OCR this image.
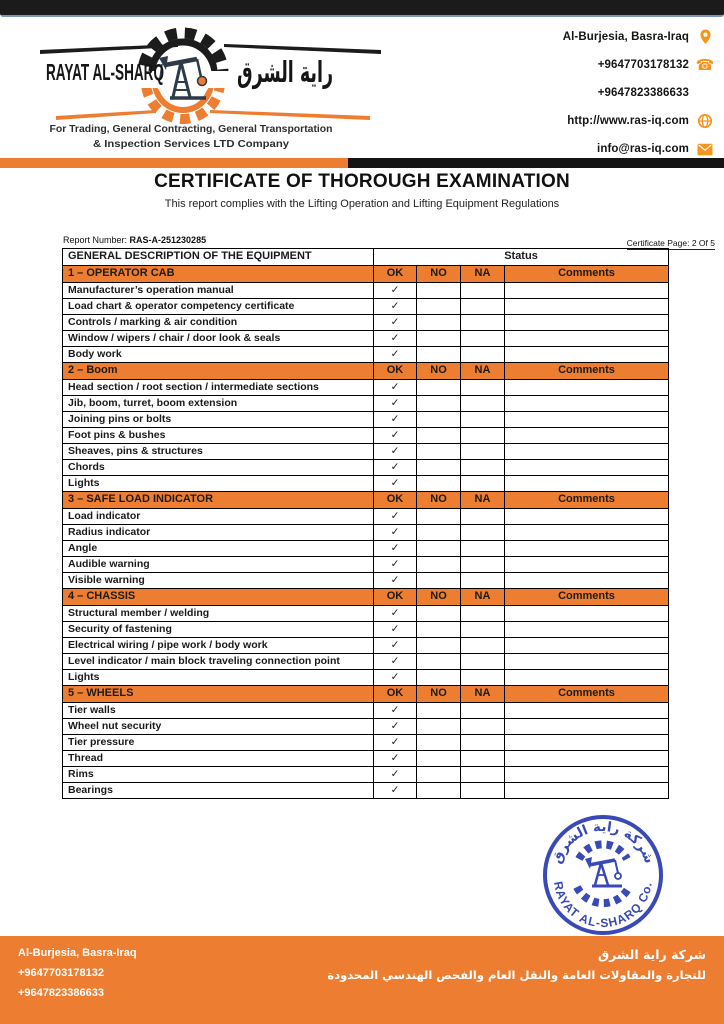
RAYAT AL-SHARQ	راية الشرق
For Trading, General Contracting, General Transportation
& Inspection Services LTD Company
Al-Burjesia, Basra-Iraq
+9647703178132 ☎
+9647823386633
http://www.ras-iq.com
info@ras-iq.com
CERTIFICATE OF THOROUGH EXAMINATION
This report complies with the Lifting Operation and Lifting Equipment Regulations
Report Number: RAS-A-251230285	Certificate Page: 2 Of 5
GENERAL DESCRIPTION OF THE EQUIPMENT	Status			
1 – OPERATOR CAB	OK	NO	NA	Comments
Manufacturer’s operation manual	✓			
Load chart & operator competency certificate	✓			
Controls / marking & air condition	✓			
Window / wipers / chair / door look & seals	✓			
Body work	✓			
2 – Boom	OK	NO	NA	Comments
Head section / root section / intermediate sections	✓			
Jib, boom, turret, boom extension	✓			
Joining pins or bolts	✓			
Foot pins & bushes	✓			
Sheaves, pins & structures	✓			
Chords	✓			
Lights	✓			
3 – SAFE LOAD INDICATOR	OK	NO	NA	Comments
Load indicator	✓			
Radius indicator	✓			
Angle	✓			
Audible warning	✓			
Visible warning	✓			
4 – CHASSIS	OK	NO	NA	Comments
Structural member / welding	✓			
Security of fastening	✓			
Electrical wiring / pipe work / body work	✓			
Level indicator / main block traveling connection point	✓			
Lights	✓			
5 – WHEELS	OK	NO	NA	Comments
Tier walls	✓			
Wheel nut security	✓			
Tier pressure	✓			
Thread	✓			
Rims	✓			
Bearings	✓			
شركة راية الشرق
RAYAT AL-SHARQ Co.
Al-Burjesia, Basra-Iraq
+9647703178132
+9647823386633
شركة راية الشرق
للتجارة والمقاولات العامة والنقل العام والفحص الهندسي المحدودة
